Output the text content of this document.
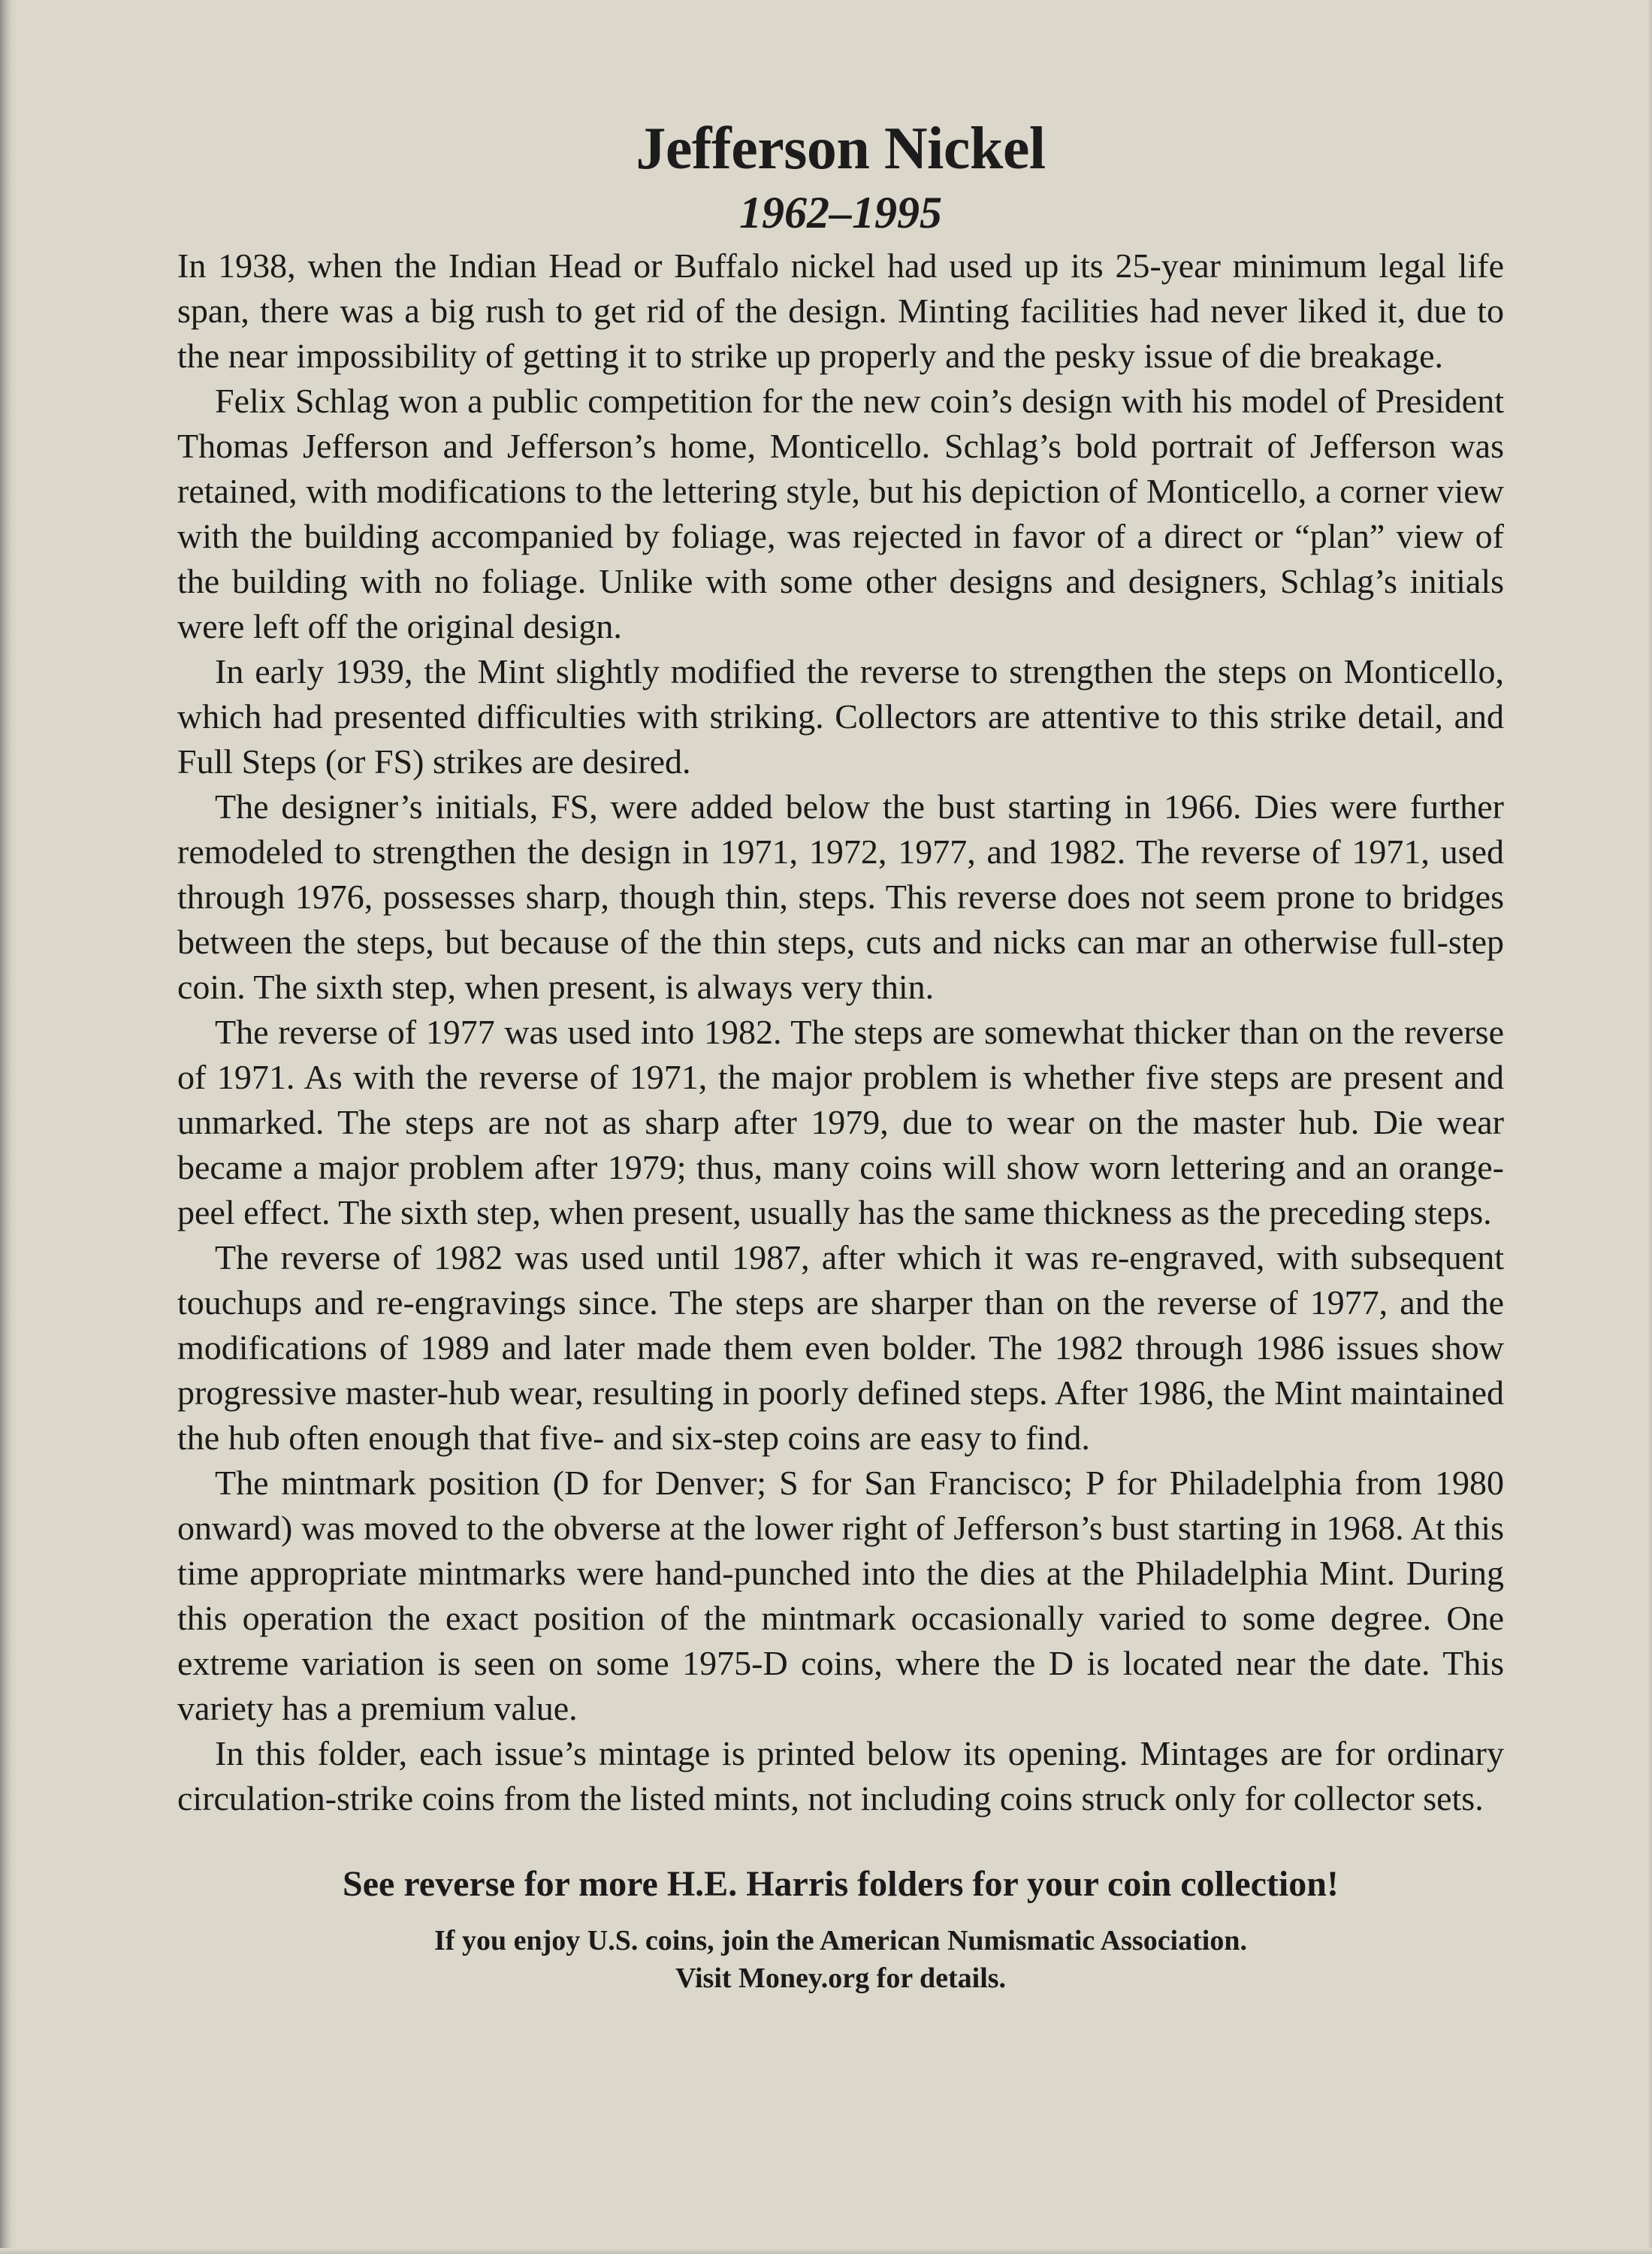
Jefferson Nickel
1962–1995

In 1938, when the Indian Head or Buffalo nickel had used up its 25-year minimum legal life span, there was a big rush to get rid of the design. Minting facilities had never liked it, due to the near impossibility of getting it to strike up properly and the pesky issue of die breakage.

Felix Schlag won a public competition for the new coin’s design with his model of President Thomas Jefferson and Jefferson’s home, Monticello. Schlag’s bold portrait of Jefferson was retained, with modifications to the lettering style, but his depiction of Monticello, a corner view with the building accompanied by foliage, was rejected in favor of a direct or “plan” view of the building with no foliage. Unlike with some other designs and designers, Schlag’s initials were left off the original design.

In early 1939, the Mint slightly modified the reverse to strengthen the steps on Monticello, which had presented difficulties with striking. Collectors are attentive to this strike detail, and Full Steps (or FS) strikes are desired.

The designer’s initials, FS, were added below the bust starting in 1966. Dies were further remodeled to strengthen the design in 1971, 1972, 1977, and 1982. The reverse of 1971, used through 1976, possesses sharp, though thin, steps. This reverse does not seem prone to bridges between the steps, but because of the thin steps, cuts and nicks can mar an otherwise full-step coin. The sixth step, when present, is always very thin.

The reverse of 1977 was used into 1982. The steps are somewhat thicker than on the reverse of 1971. As with the reverse of 1971, the major problem is whether five steps are present and unmarked. The steps are not as sharp after 1979, due to wear on the master hub. Die wear became a major problem after 1979; thus, many coins will show worn lettering and an orange-peel effect. The sixth step, when present, usually has the same thickness as the preceding steps.

The reverse of 1982 was used until 1987, after which it was re-engraved, with subsequent touchups and re-engravings since. The steps are sharper than on the reverse of 1977, and the modifications of 1989 and later made them even bolder. The 1982 through 1986 issues show progressive master-hub wear, resulting in poorly defined steps. After 1986, the Mint maintained the hub often enough that five- and six-step coins are easy to find.

The mintmark position (D for Denver; S for San Francisco; P for Philadelphia from 1980 onward) was moved to the obverse at the lower right of Jefferson’s bust starting in 1968. At this time appropriate mintmarks were hand-punched into the dies at the Philadelphia Mint. During this operation the exact position of the mintmark occasionally varied to some degree. One extreme variation is seen on some 1975-D coins, where the D is located near the date. This variety has a premium value.

In this folder, each issue’s mintage is printed below its opening. Mintages are for ordinary circulation-strike coins from the listed mints, not including coins struck only for collector sets.

See reverse for more H.E. Harris folders for your coin collection!
If you enjoy U.S. coins, join the American Numismatic Association.
Visit Money.org for details.
